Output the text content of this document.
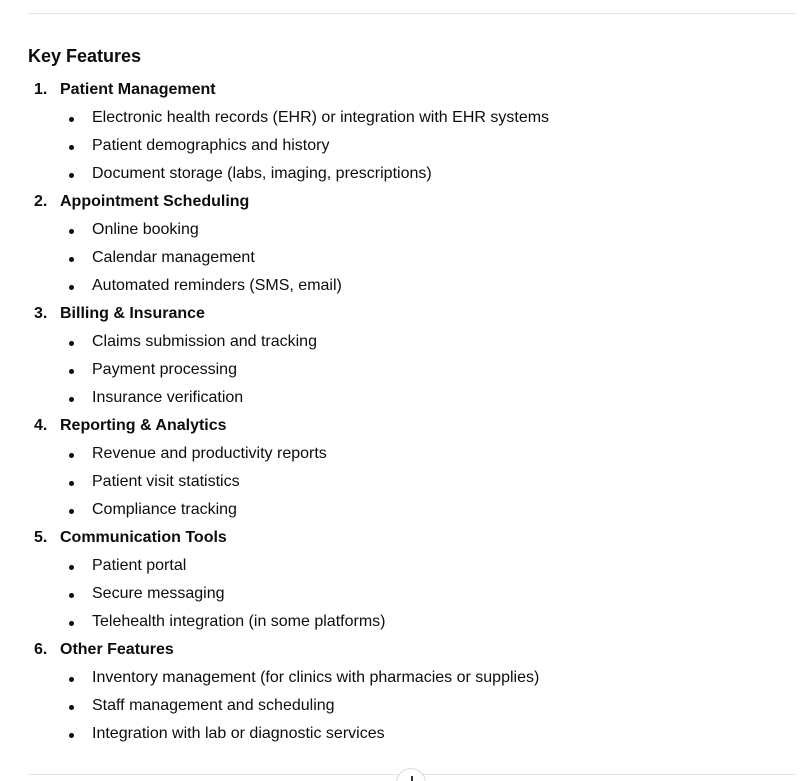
Key Features
1. Patient Management
Electronic health records (EHR) or integration with EHR systems
Patient demographics and history
Document storage (labs, imaging, prescriptions)
2. Appointment Scheduling
Online booking
Calendar management
Automated reminders (SMS, email)
3. Billing & Insurance
Claims submission and tracking
Payment processing
Insurance verification
4. Reporting & Analytics
Revenue and productivity reports
Patient visit statistics
Compliance tracking
5. Communication Tools
Patient portal
Secure messaging
Telehealth integration (in some platforms)
6. Other Features
Inventory management (for clinics with pharmacies or supplies)
Staff management and scheduling
Integration with lab or diagnostic services
